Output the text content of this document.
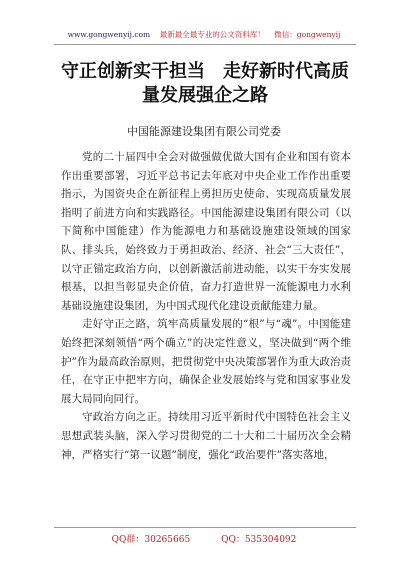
www.gongwenyij.com 最新最全最专业的公文资料库！ 微信：gongwenyij
守正创新实干担当　走好新时代高质量发展强企之路
中国能源建设集团有限公司党委

党的二十届四中全会对做强做优做大国有企业和国有资本作出重要部署，习近平总书记去年底对中央企业工作作出重要指示，为国资央企在新征程上勇担历史使命、实现高质量发展指明了前进方向和实践路径。中国能源建设集团有限公司（以下简称中国能建）作为能源电力和基础设施建设领域的国家队、排头兵，始终致力于勇担政治、经济、社会“三大责任”，以守正锚定政治方向，以创新激活前进动能，以实干夯实发展根基，以担当彰显央企价值，奋力打造世界一流能源电力水利基础设施建设集团，为中国式现代化建设贡献能建力量。

走好守正之路，筑牢高质量发展的“根”与“魂”。中国能建始终把深刻领悟“两个确立”的决定性意义，坚决做到“两个维护”作为最高政治原则，把贯彻党中央决策部署作为重大政治责任，在守正中把牢方向，确保企业发展始终与党和国家事业发展大局同向同行。

守政治方向之正。持续用习近平新时代中国特色社会主义思想武装头脑，深入学习贯彻党的二十大和二十届历次全会精神，严格实行“第一议题”制度，强化“政治要件”落实落地，

QQ群：30265665	QQ：535304092
